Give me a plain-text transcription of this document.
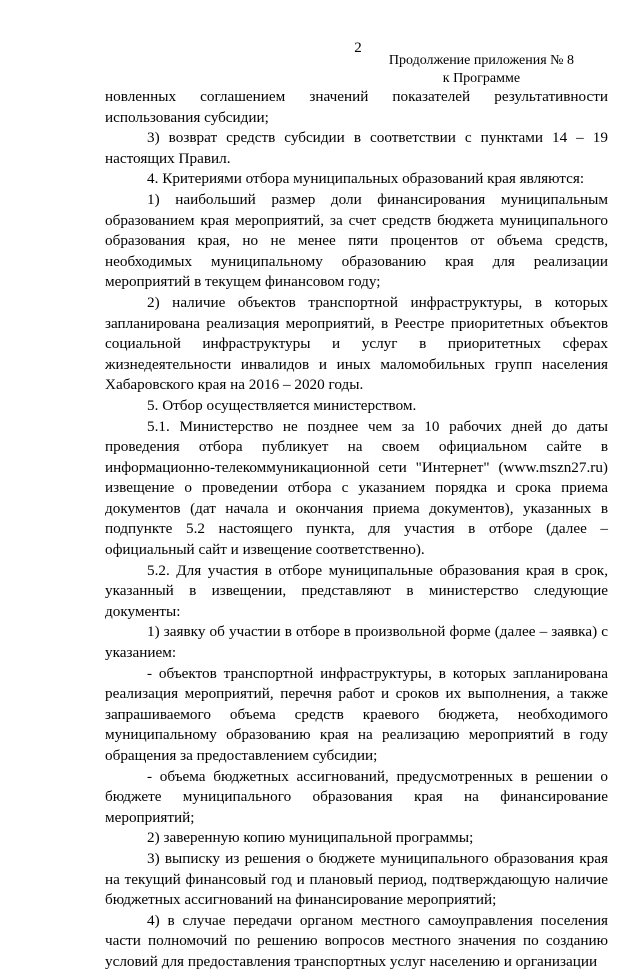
2
Продолжение приложения № 8
к Программе

новленных соглашением значений показателей результативности использования субсидии;

3) возврат средств субсидии в соответствии с пунктами 14 – 19 настоящих Правил.

4. Критериями отбора муниципальных образований края являются:

1) наибольший размер доли финансирования муниципальным образованием края мероприятий, за счет средств бюджета муниципального образования края, но не менее пяти процентов от объема средств, необходимых муниципальному образованию края для реализации мероприятий в текущем финансовом году;

2) наличие объектов транспортной инфраструктуры, в которых запланирована реализация мероприятий, в Реестре приоритетных объектов социальной инфраструктуры и услуг в приоритетных сферах жизнедеятельности инвалидов и иных маломобильных групп населения Хабаровского края на 2016 – 2020 годы.

5. Отбор осуществляется министерством.

5.1. Министерство не позднее чем за 10 рабочих дней до даты проведения отбора публикует на своем официальном сайте в информационно-телекоммуникационной сети "Интернет" (www.mszn27.ru) извещение о проведении отбора с указанием порядка и срока приема документов (дат начала и окончания приема документов), указанных в подпункте 5.2 настоящего пункта, для участия в отборе (далее – официальный сайт и извещение соответственно).

5.2. Для участия в отборе муниципальные образования края в срок, указанный в извещении, представляют в министерство следующие документы:

1) заявку об участии в отборе в произвольной форме (далее – заявка) с указанием:

- объектов транспортной инфраструктуры, в которых запланирована реализация мероприятий, перечня работ и сроков их выполнения, а также запрашиваемого объема средств краевого бюджета, необходимого муниципальному образованию края на реализацию мероприятий в году обращения за предоставлением субсидии;

- объема бюджетных ассигнований, предусмотренных в решении о бюджете муниципального образования края на финансирование мероприятий;

2) заверенную копию муниципальной программы;

3) выписку из решения о бюджете муниципального образования края на текущий финансовый год и плановый период, подтверждающую наличие бюджетных ассигнований на финансирование мероприятий;

4) в случае передачи органом местного самоуправления поселения части полномочий по решению вопросов местного значения по созданию условий для предоставления транспортных услуг населению и организации
